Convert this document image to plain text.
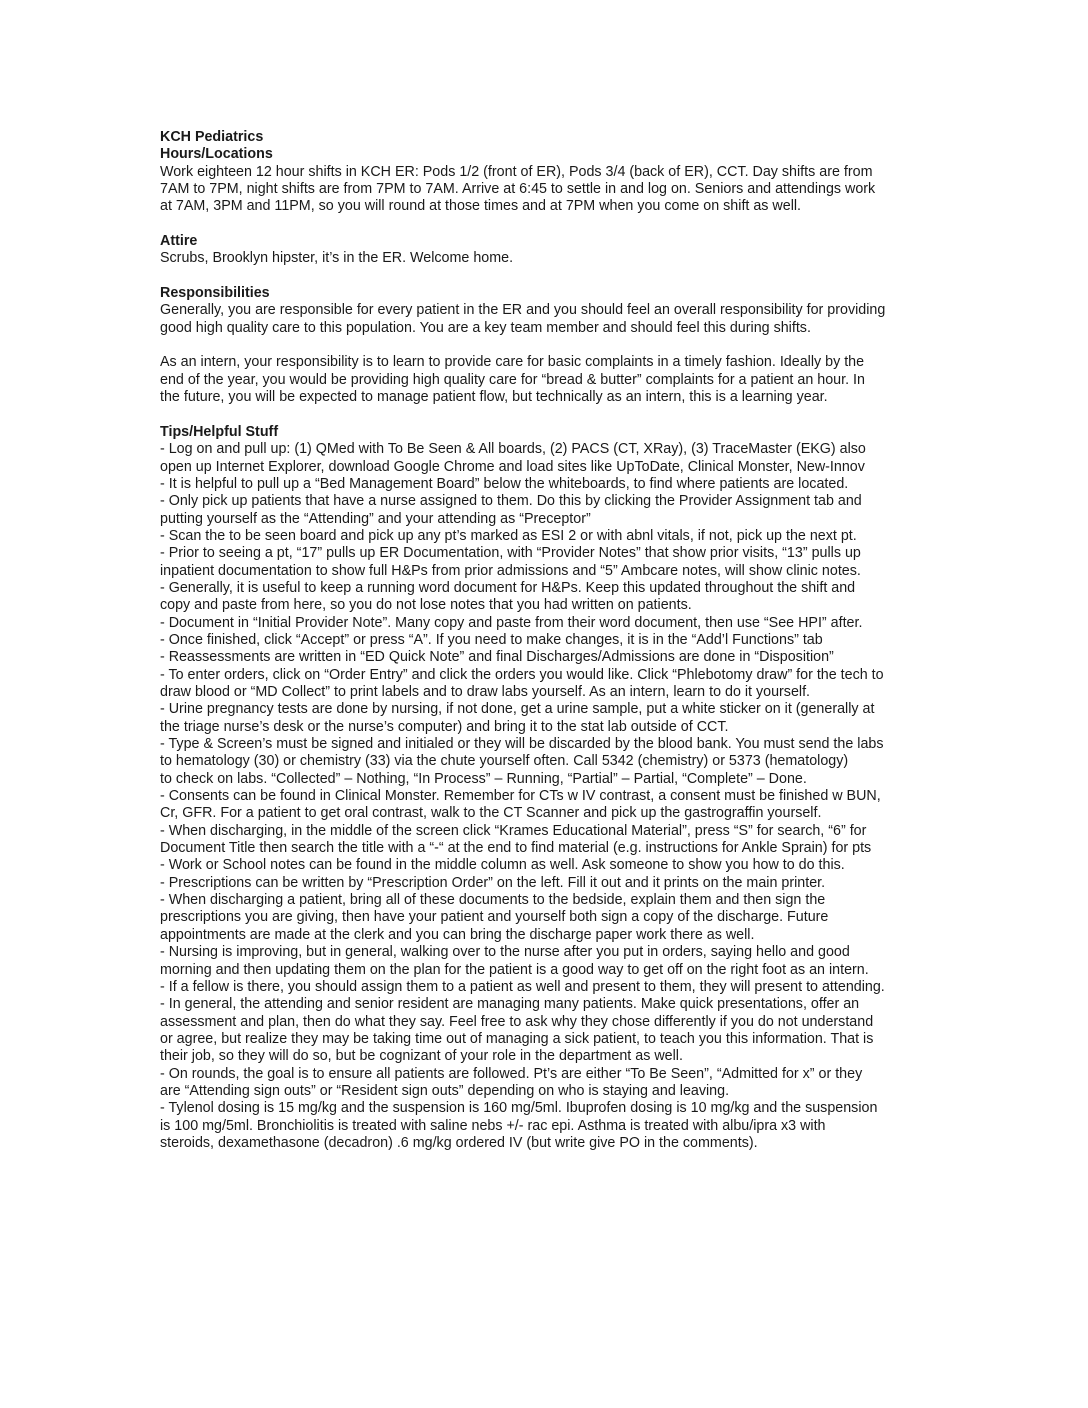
KCH Pediatrics
Hours/Locations
Work eighteen 12 hour shifts in KCH ER: Pods 1/2 (front of ER), Pods 3/4 (back of ER), CCT. Day shifts are from
7AM to 7PM, night shifts are from 7PM to 7AM. Arrive at 6:45 to settle in and log on. Seniors and attendings work
at 7AM, 3PM and 11PM, so you will round at those times and at 7PM when you come on shift as well.
Attire
Scrubs, Brooklyn hipster, it’s in the ER. Welcome home.
Responsibilities
Generally, you are responsible for every patient in the ER and you should feel an overall responsibility for providing
good high quality care to this population. You are a key team member and should feel this during shifts.
As an intern, your responsibility is to learn to provide care for basic complaints in a timely fashion. Ideally by the
end of the year, you would be providing high quality care for “bread & butter” complaints for a patient an hour. In
the future, you will be expected to manage patient flow, but technically as an intern, this is a learning year.
Tips/Helpful Stuff
- Log on and pull up: (1) QMed with To Be Seen & All boards, (2) PACS (CT, XRay), (3) TraceMaster (EKG) also
open up Internet Explorer, download Google Chrome and load sites like UpToDate, Clinical Monster, New-Innov
- It is helpful to pull up a “Bed Management Board” below the whiteboards, to find where patients are located.
- Only pick up patients that have a nurse assigned to them. Do this by clicking the Provider Assignment tab and
putting yourself as the “Attending” and your attending as “Preceptor”
- Scan the to be seen board and pick up any pt’s marked as ESI 2 or with abnl vitals, if not, pick up the next pt.
- Prior to seeing a pt, “17” pulls up ER Documentation, with “Provider Notes” that show prior visits, “13” pulls up
inpatient documentation to show full H&Ps from prior admissions and “5” Ambcare notes, will show clinic notes.
- Generally, it is useful to keep a running word document for H&Ps. Keep this updated throughout the shift and
copy and paste from here, so you do not lose notes that you had written on patients.
- Document in “Initial Provider Note”. Many copy and paste from their word document, then use “See HPI” after.
- Once finished, click “Accept” or press “A”. If you need to make changes, it is in the “Add’l Functions” tab
- Reassessments are written in “ED Quick Note” and final Discharges/Admissions are done in “Disposition”
- To enter orders, click on “Order Entry” and click the orders you would like. Click “Phlebotomy draw” for the tech to
draw blood or “MD Collect” to print labels and to draw labs yourself. As an intern, learn to do it yourself.
- Urine pregnancy tests are done by nursing, if not done, get a urine sample, put a white sticker on it (generally at
the triage nurse’s desk or the nurse’s computer) and bring it to the stat lab outside of CCT.
- Type & Screen’s must be signed and initialed or they will be discarded by the blood bank. You must send the labs
to hematology (30) or chemistry (33) via the chute yourself often. Call 5342 (chemistry) or 5373 (hematology)
to check on labs. “Collected” – Nothing, “In Process” – Running, “Partial” – Partial, “Complete” – Done.
- Consents can be found in Clinical Monster. Remember for CTs w IV contrast, a consent must be finished w BUN,
Cr, GFR. For a patient to get oral contrast, walk to the CT Scanner and pick up the gastrograffin yourself.
- When discharging, in the middle of the screen click “Krames Educational Material”, press “S” for search, “6” for
Document Title then search the title with a “-“ at the end to find material (e.g. instructions for Ankle Sprain) for pts
- Work or School notes can be found in the middle column as well. Ask someone to show you how to do this.
- Prescriptions can be written by “Prescription Order” on the left. Fill it out and it prints on the main printer.
- When discharging a patient, bring all of these documents to the bedside, explain them and then sign the
prescriptions you are giving, then have your patient and yourself both sign a copy of the discharge. Future
appointments are made at the clerk and you can bring the discharge paper work there as well.
- Nursing is improving, but in general, walking over to the nurse after you put in orders, saying hello and good
morning and then updating them on the plan for the patient is a good way to get off on the right foot as an intern.
- If a fellow is there, you should assign them to a patient as well and present to them, they will present to attending.
- In general, the attending and senior resident are managing many patients. Make quick presentations, offer an
assessment and plan, then do what they say. Feel free to ask why they chose differently if you do not understand
or agree, but realize they may be taking time out of managing a sick patient, to teach you this information. That is
their job, so they will do so, but be cognizant of your role in the department as well.
- On rounds, the goal is to ensure all patients are followed. Pt’s are either “To Be Seen”, “Admitted for x” or they
are “Attending sign outs” or “Resident sign outs” depending on who is staying and leaving.
- Tylenol dosing is 15 mg/kg and the suspension is 160 mg/5ml. Ibuprofen dosing is 10 mg/kg and the suspension
is 100 mg/5ml. Bronchiolitis is treated with saline nebs +/- rac epi. Asthma is treated with albu/ipra x3 with
steroids, dexamethasone (decadron) .6 mg/kg ordered IV (but write give PO in the comments).
